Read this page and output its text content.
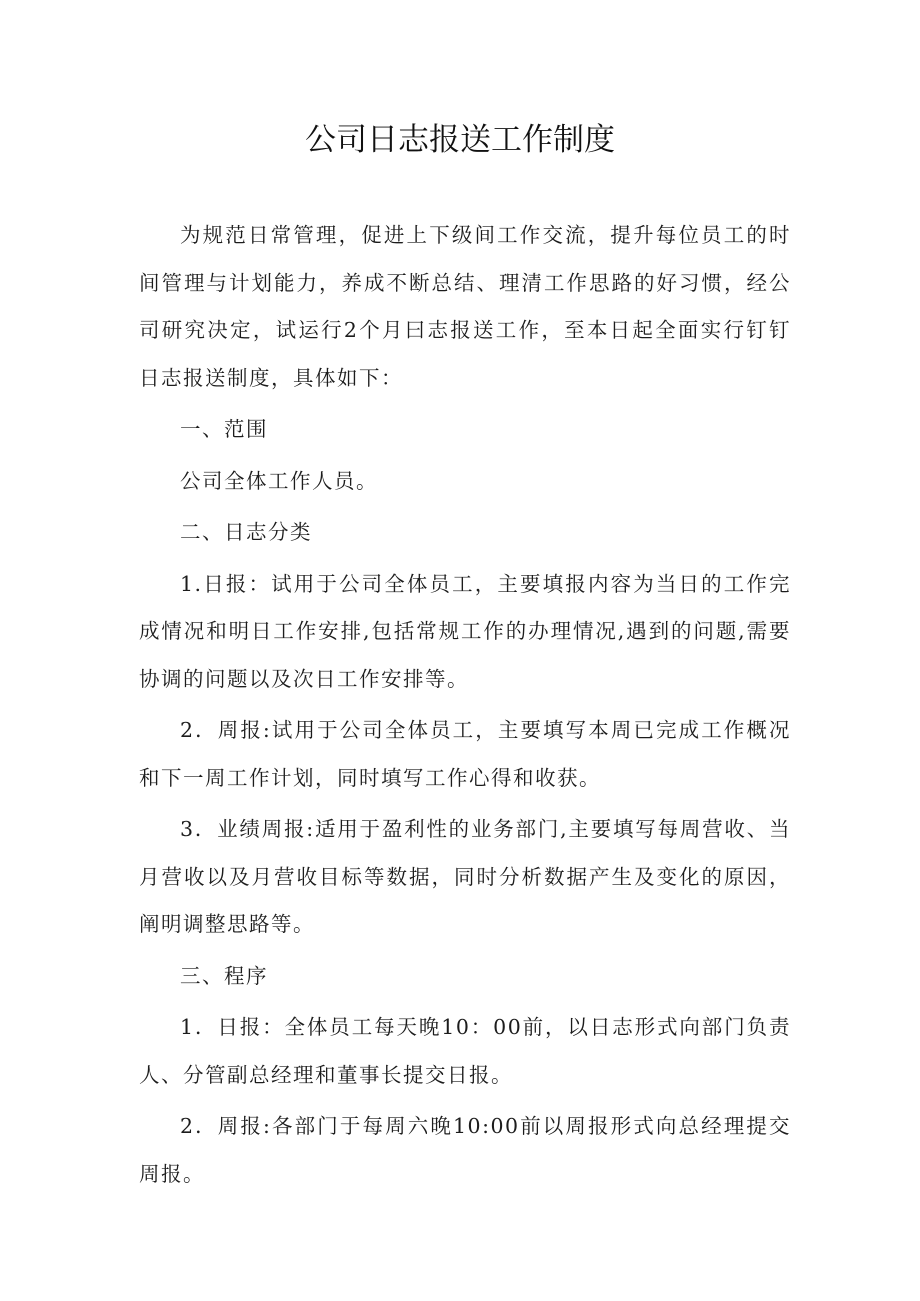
公司日志报送工作制度

为规范日常管理，促进上下级间工作交流，提升每位员工的时间管理与计划能力，养成不断总结、理清工作思路的好习惯，经公司研究决定，试运行2个月曰志报送工作，至本日起全面实行钉钉日志报送制度，具体如下：

一、范围

公司全体工作人员。

二、日志分类

1.日报：试用于公司全体员工，主要填报内容为当日的工作完成情况和明日工作安排,包括常规工作的办理情况,遇到的问题,需要协调的问题以及次日工作安排等。

2．周报:试用于公司全体员工，主要填写本周已完成工作概况和下一周工作计划，同时填写工作心得和收获。

3．业绩周报:适用于盈利性的业务部门,主要填写每周营收、当月营收以及月营收目标等数据，同时分析数据产生及变化的原因，阐明调整思路等。

三、程序

1．日报：全体员工每天晚10：00前，以日志形式向部门负责人、分管副总经理和董事长提交日报。

2．周报:各部门于每周六晚10:00前以周报形式向总经理提交周报。
